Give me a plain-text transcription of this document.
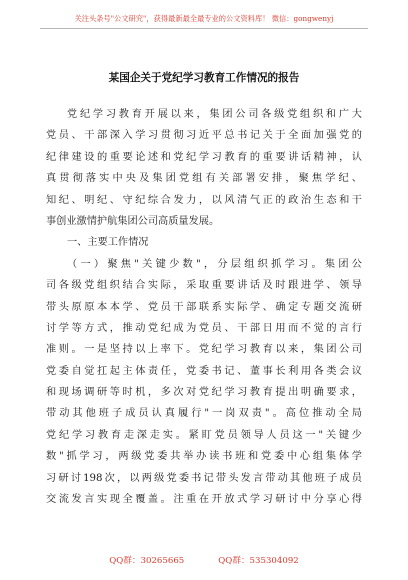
关注头条号"公文研究"，获得最新最全最专业的公文资料库！ 微信：gongwenyj
某国企关于党纪学习教育工作情况的报告
党纪学习教育开展以来，集团公司各级党组织和广大
党员、干部深入学习贯彻习近平总书记关于全面加强党的
纪律建设的重要论述和党纪学习教育的重要讲话精神，认
真贯彻落实中央及集团党组有关部署安排，聚焦学纪、
知纪、明纪、守纪综合发力，以风清气正的政治生态和干
事创业激情护航集团公司高质量发展。
一、主要工作情况
（一）聚焦"关键少数"，分层组织抓学习。集团公
司各级党组织结合实际，采取重要讲话及时跟进学、领导
带头原原本本学、党员干部联系实际学、确定专题交流研
讨学等方式，推动党纪成为党员、干部日用而不觉的言行
准则。一是坚持以上率下。党纪学习教育以来，集团公司
党委自觉扛起主体责任，党委书记、董事长利用各类会议
和现场调研等时机，多次对党纪学习教育提出明确要求，
带动其他班子成员认真履行"一岗双责"。高位推动全局
党纪学习教育走深走实。紧盯党员领导人员这一"关键少
数"抓学习，两级党委共举办读书班和党委中心组集体学
习研讨198次，以两级党委书记带头发言带动其他班子成员
交流发言实现全覆盖。注重在开放式学习研讨中分享心得
QQ群：30265665	QQ群：535304092
